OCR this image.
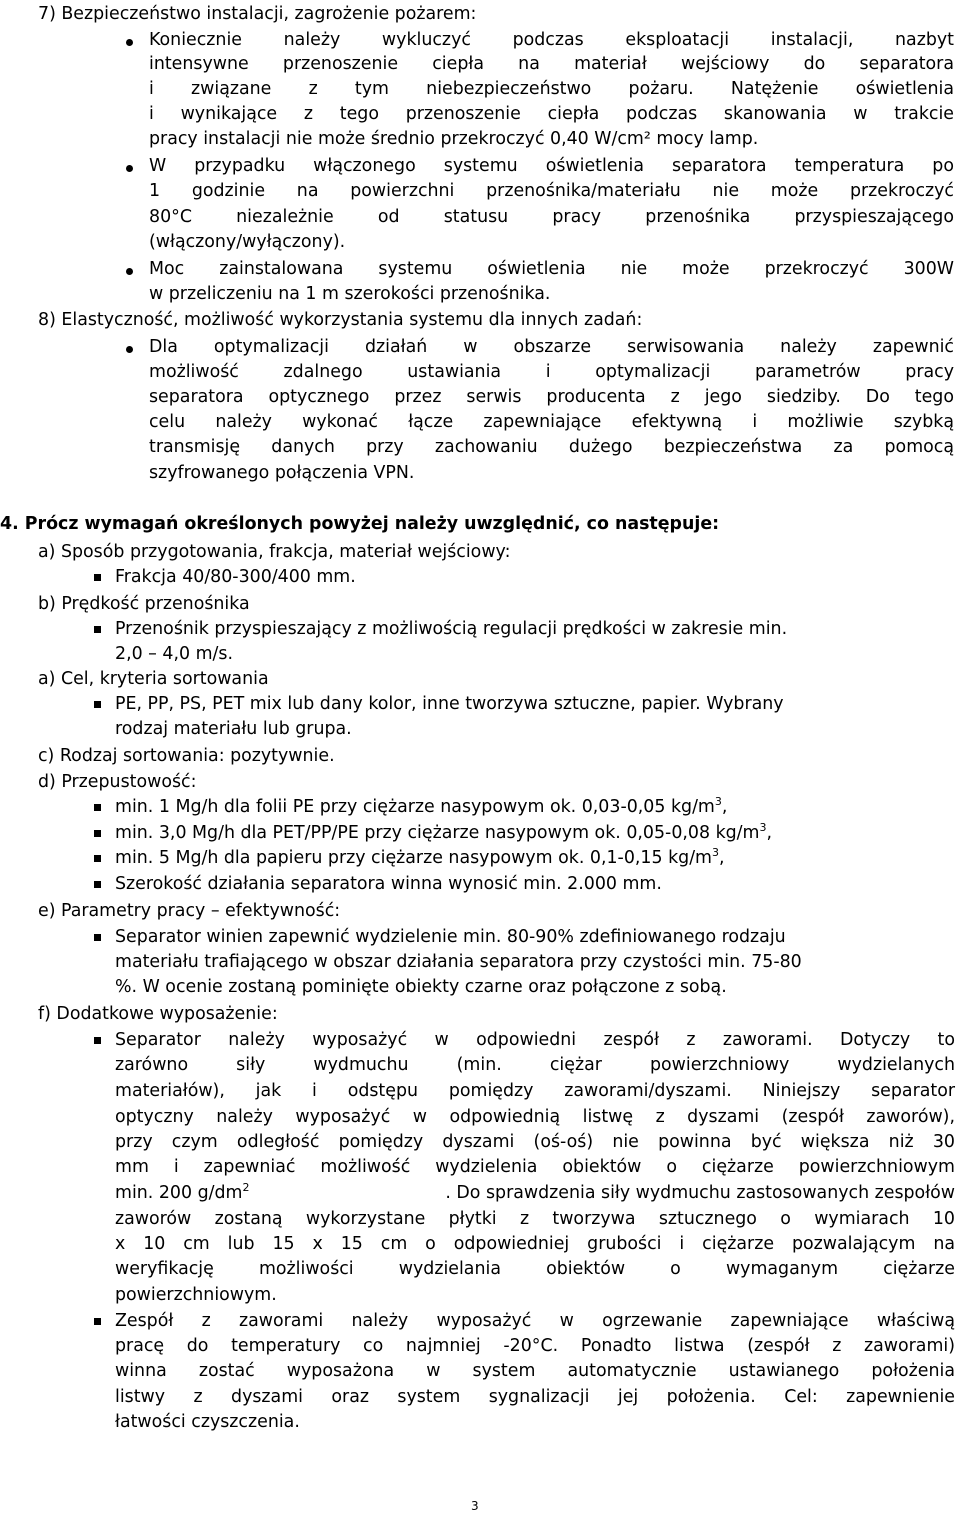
7) Bezpieczeństwo instalacji, zagrożenie pożarem:
Koniecznie należy wykluczyć podczas eksploatacji instalacji, nazbyt
intensywne przenoszenie ciepła na materiał wejściowy do separatora
i związane z tym niebezpieczeństwo pożaru. Natężenie oświetlenia
i wynikające z tego przenoszenie ciepła podczas skanowania w trakcie
pracy instalacji nie może średnio przekroczyć 0,40 W/cm² mocy lamp.
W przypadku włączonego systemu oświetlenia separatora temperatura po
1 godzinie na powierzchni przenośnika/materiału nie może przekroczyć
80°C niezależnie od statusu pracy przenośnika przyspieszającego
(włączony/wyłączony).
Moc zainstalowana systemu oświetlenia nie może przekroczyć 300W
w przeliczeniu na 1 m szerokości przenośnika.
8) Elastyczność, możliwość wykorzystania systemu dla innych zadań:
Dla optymalizacji działań w obszarze serwisowania należy zapewnić
możliwość zdalnego ustawiania i optymalizacji parametrów pracy
separatora optycznego przez serwis producenta z jego siedziby. Do tego
celu należy wykonać łącze zapewniające efektywną i możliwie szybką
transmisję danych przy zachowaniu dużego bezpieczeństwa za pomocą
szyfrowanego połączenia VPN.
4. Prócz wymagań określonych powyżej należy uwzględnić, co następuje:
a) Sposób przygotowania, frakcja, materiał wejściowy:
Frakcja 40/80-300/400 mm.
b) Prędkość przenośnika
Przenośnik przyspieszający z możliwością regulacji prędkości w zakresie min.
2,0 – 4,0 m/s.
a) Cel, kryteria sortowania
PE, PP, PS, PET mix lub dany kolor, inne tworzywa sztuczne, papier. Wybrany
rodzaj materiału lub grupa.
c) Rodzaj sortowania: pozytywnie.
d) Przepustowość:
min. 1 Mg/h dla folii PE przy ciężarze nasypowym ok. 0,03-0,05 $kg/m^3$,
min. 3,0 Mg/h dla PET/PP/PE przy ciężarze nasypowym ok. 0,05-0,08 $kg/m^3$,
min. 5 Mg/h dla papieru przy ciężarze nasypowym ok. 0,1-0,15 $kg/m^3$,
Szerokość działania separatora winna wynosić min. 2.000 mm.
e) Parametry pracy – efektywność:
Separator winien zapewnić wydzielenie min. 80-90% zdefiniowanego rodzaju
materiału trafiającego w obszar działania separatora przy czystości min. 75-80
%. W ocenie zostaną pominięte obiekty czarne oraz połączone z sobą.
f) Dodatkowe wyposażenie:
Separator należy wyposażyć w odpowiedni zespół z zaworami. Dotyczy to
zarówno siły wydmuchu (min. ciężar powierzchniowy wydzielanych
materiałów), jak i odstępu pomiędzy zaworami/dyszami. Niniejszy separator
optyczny należy wyposażyć w odpowiednią listwę z dyszami (zespół zaworów),
przy czym odległość pomiędzy dyszami (oś-oś) nie powinna być większa niż 30
mm i zapewniać możliwość wydzielenia obiektów o ciężarze powierzchniowym
min. 200 $g/dm^2$	. Do sprawdzenia siły wydmuchu zastosowanych zespołów
zaworów zostaną wykorzystane płytki z tworzywa sztucznego o wymiarach 10
x 10 cm lub 15 x 15 cm o odpowiedniej grubości i ciężarze pozwalającym na
weryfikację możliwości wydzielania obiektów o wymaganym ciężarze
powierzchniowym.
Zespół z zaworami należy wyposażyć w ogrzewanie zapewniające właściwą
pracę do temperatury co najmniej -20°C. Ponadto listwa (zespół z zaworami)
winna zostać wyposażona w system automatycznie ustawianego położenia
listwy z dyszami oraz system sygnalizacji jej położenia. Cel: zapewnienie
łatwości czyszczenia.
3
